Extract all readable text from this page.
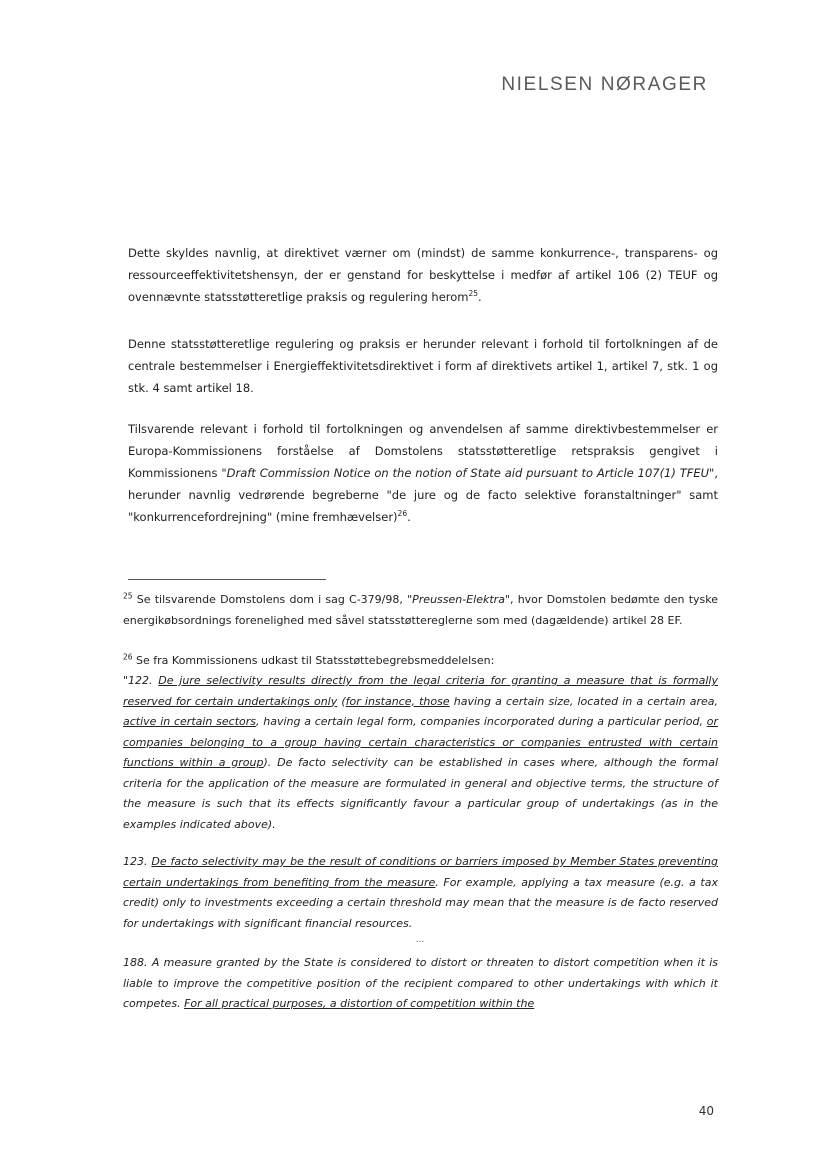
NIELSEN NØRAGER

Dette skyldes navnlig, at direktivet værner om (mindst) de samme konkurrence-, transparens- og ressourceeffektivitetshensyn, der er genstand for beskyttelse i medfør af artikel 106 (2) TEUF og ovennævnte statsstøtteretlige praksis og regulering herom$^{25}$.

Denne statsstøtteretlige regulering og praksis er herunder relevant i forhold til fortolkningen af de centrale bestemmelser i Energieffektivitetsdirektivet i form af direktivets artikel 1, artikel 7, stk. 1 og stk. 4 samt artikel 18.

Tilsvarende relevant i forhold til fortolkningen og anvendelsen af samme direktivbestemmelser er Europa-Kommissionens forståelse af Domstolens statsstøtteretlige retspraksis gengivet i Kommissionens "Draft Commission Notice on the notion of State aid pursuant to Article 107(1) TFEU", herunder navnlig vedrørende begreberne "de jure og de facto selektive foranstaltninger" samt "konkurrencefordrejning" (mine fremhævelser)$^{26}$.

$^{25}$ Se tilsvarende Domstolens dom i sag C-379/98, "Preussen-Elektra", hvor Domstolen bedømte den tyske energikøbsordnings forenelighed med såvel statsstøttereglerne som med (dagældende) artikel 28 EF.

$^{26}$ Se fra Kommissionens udkast til Statsstøttebegrebsmeddelelsen:

"122. De jure selectivity results directly from the legal criteria for granting a measure that is formally reserved for certain undertakings only (for instance, those having a certain size, located in a certain area, active in certain sectors, having a certain legal form, companies incorporated during a particular period, or companies belonging to a group having certain characteristics or companies entrusted with certain functions within a group). De facto selectivity can be established in cases where, although the formal criteria for the application of the measure are formulated in general and objective terms, the structure of the measure is such that its effects significantly favour a particular group of undertakings (as in the examples indicated above).

123. De facto selectivity may be the result of conditions or barriers imposed by Member States preventing certain undertakings from benefiting from the measure. For example, applying a tax measure (e.g. a tax credit) only to investments exceeding a certain threshold may mean that the measure is de facto reserved for undertakings with significant financial resources.

...

188. A measure granted by the State is considered to distort or threaten to distort competition when it is liable to improve the competitive position of the recipient compared to other undertakings with which it competes. For all practical purposes, a distortion of competition within the

40
